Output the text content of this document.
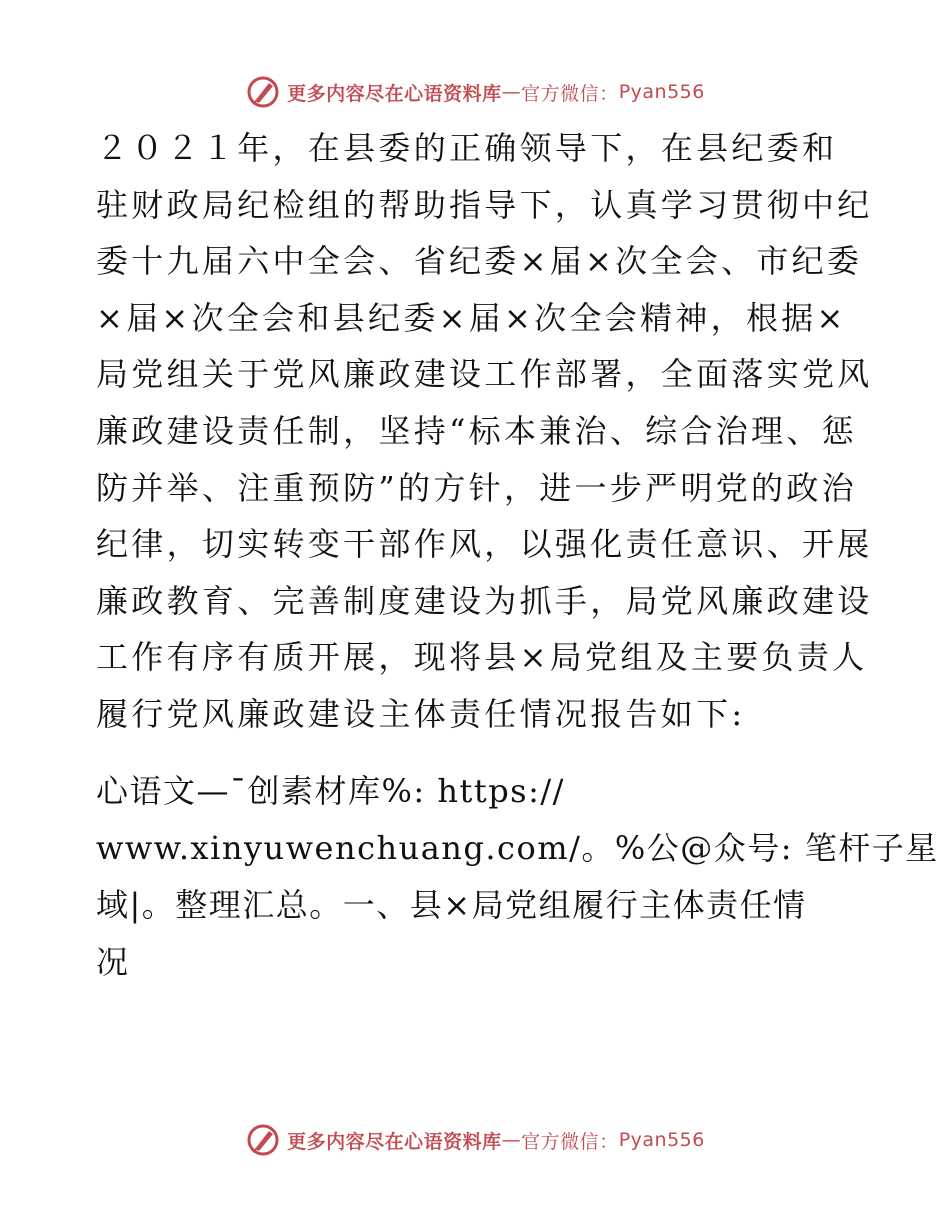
更多内容尽在心语资料库 — 官方微信： Pyan556
２０２１年，在县委的正确领导下，在县纪委和
驻财政局纪检组的帮助指导下，认真学习贯彻中纪
委十九届六中全会、省纪委×届×次全会、市纪委
×届×次全会和县纪委×届×次全会精神，根据×
局党组关于党风廉政建设工作部署，全面落实党风
廉政建设责任制，坚持“标本兼治、综合治理、惩
防并举、注重预防”的方针，进一步严明党的政治
纪律，切实转变干部作风，以强化责任意识、开展
廉政教育、完善制度建设为抓手，局党风廉政建设
工作有序有质开展，现将县×局党组及主要负责人
履行党风廉政建设主体责任情况报告如下:
心语文—¯创素材库%: https://
www.xinyuwenchuang.com/。%公@众号: 笔杆子星
域|。整理汇总。一、县×局党组履行主体责任情
况
更多内容尽在心语资料库 — 官方微信： Pyan556
